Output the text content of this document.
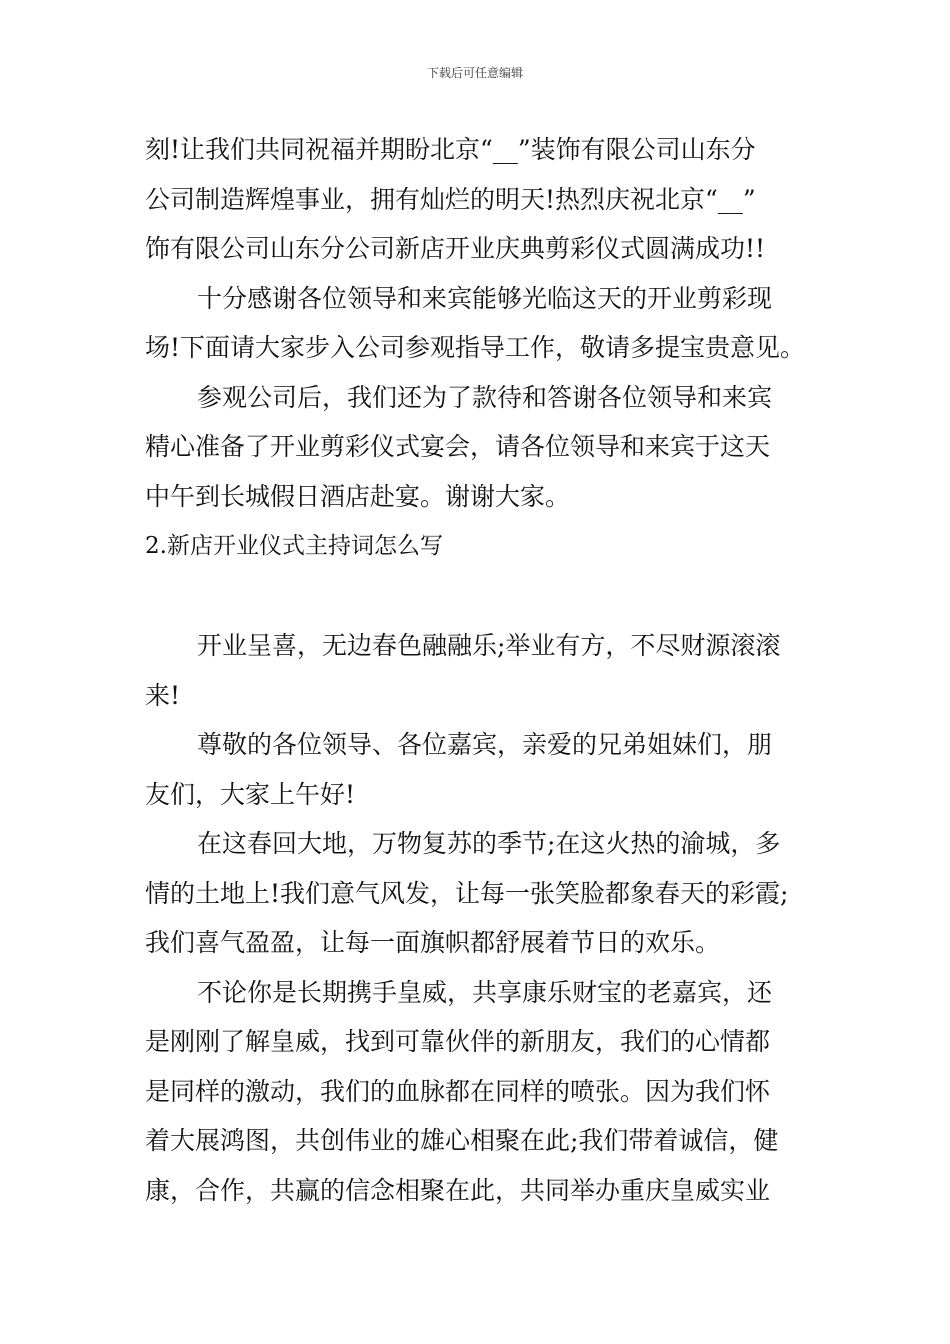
下载后可任意编辑
刻!让我们共同祝福并期盼北京“__”装饰有限公司山东分
公司制造辉煌事业，拥有灿烂的明天!热烈庆祝北京“__”
饰有限公司山东分公司新店开业庆典剪彩仪式圆满成功!!
十分感谢各位领导和来宾能够光临这天的开业剪彩现
场!下面请大家步入公司参观指导工作，敬请多提宝贵意见。
参观公司后，我们还为了款待和答谢各位领导和来宾
精心准备了开业剪彩仪式宴会，请各位领导和来宾于这天
中午到长城假日酒店赴宴。谢谢大家。
2.新店开业仪式主持词怎么写
开业呈喜，无边春色融融乐;举业有方，不尽财源滚滚
来!
尊敬的各位领导、各位嘉宾，亲爱的兄弟姐妹们，朋
友们，大家上午好!
在这春回大地，万物复苏的季节;在这火热的渝城，多
情的土地上!我们意气风发，让每一张笑脸都象春天的彩霞;
我们喜气盈盈，让每一面旗帜都舒展着节日的欢乐。
不论你是长期携手皇威，共享康乐财宝的老嘉宾，还
是刚刚了解皇威，找到可靠伙伴的新朋友，我们的心情都
是同样的激动，我们的血脉都在同样的喷张。因为我们怀
着大展鸿图，共创伟业的雄心相聚在此;我们带着诚信，健
康，合作，共赢的信念相聚在此，共同举办重庆皇威实业
